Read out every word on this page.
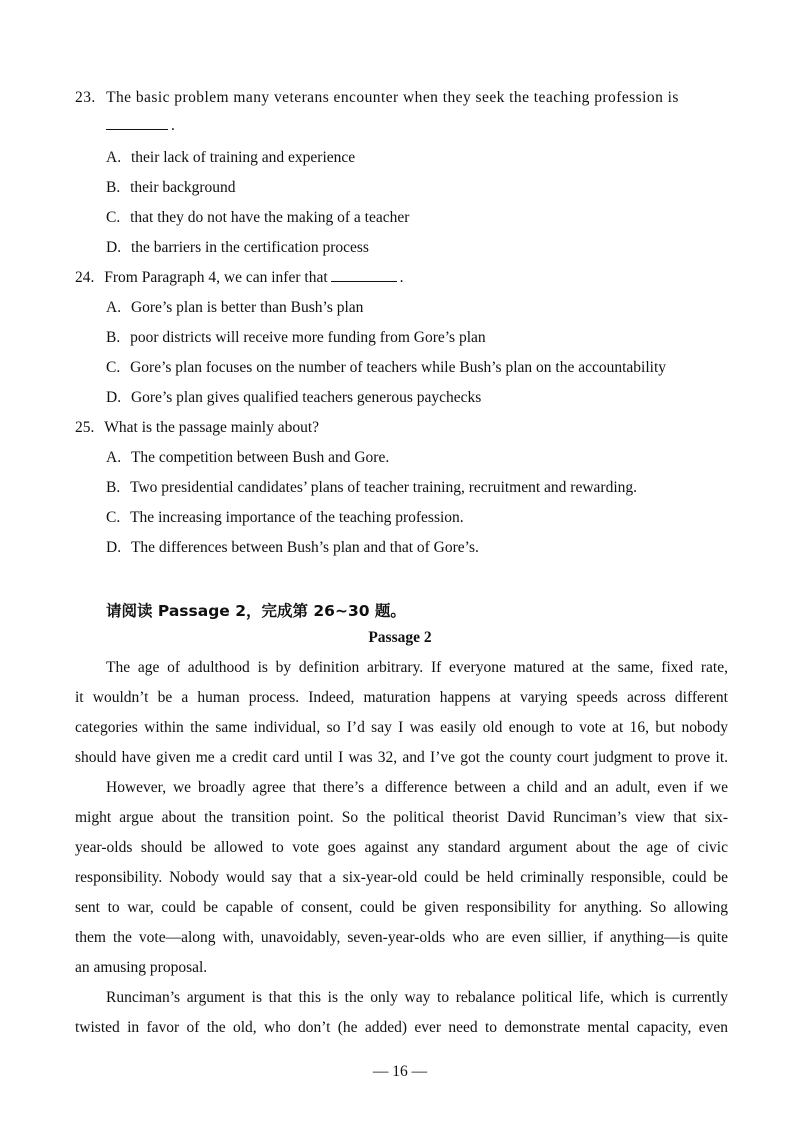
23. The basic problem many veterans encounter when they seek the teaching profession is
.
A. their lack of training and experience
B. their background
C. that they do not have the making of a teacher
D. the barriers in the certification process
24. From Paragraph 4, we can infer that	.
A. Gore’s plan is better than Bush’s plan
B. poor districts will receive more funding from Gore’s plan
C. Gore’s plan focuses on the number of teachers while Bush’s plan on the accountability
D. Gore’s plan gives qualified teachers generous paychecks
25. What is the passage mainly about?
A. The competition between Bush and Gore.
B. Two presidential candidates’ plans of teacher training, recruitment and rewarding.
C. The increasing importance of the teaching profession.
D. The differences between Bush’s plan and that of Gore’s.
请阅读 Passage 2，完成第 26~30 题。
Passage 2
The age of adulthood is by definition arbitrary. If everyone matured at the same, fixed rate,
it wouldn’t be a human process. Indeed, maturation happens at varying speeds across different
categories within the same individual, so I’d say I was easily old enough to vote at 16, but nobody
should have given me a credit card until I was 32, and I’ve got the county court judgment to prove it.
However, we broadly agree that there’s a difference between a child and an adult, even if we
might argue about the transition point. So the political theorist David Runciman’s view that six-
year-olds should be allowed to vote goes against any standard argument about the age of civic
responsibility. Nobody would say that a six-year-old could be held criminally responsible, could be
sent to war, could be capable of consent, could be given responsibility for anything. So allowing
them the vote—along with, unavoidably, seven-year-olds who are even sillier, if anything—is quite
an amusing proposal.
Runciman’s argument is that this is the only way to rebalance political life, which is currently
twisted in favor of the old, who don’t (he added) ever need to demonstrate mental capacity, even
— 16 —
